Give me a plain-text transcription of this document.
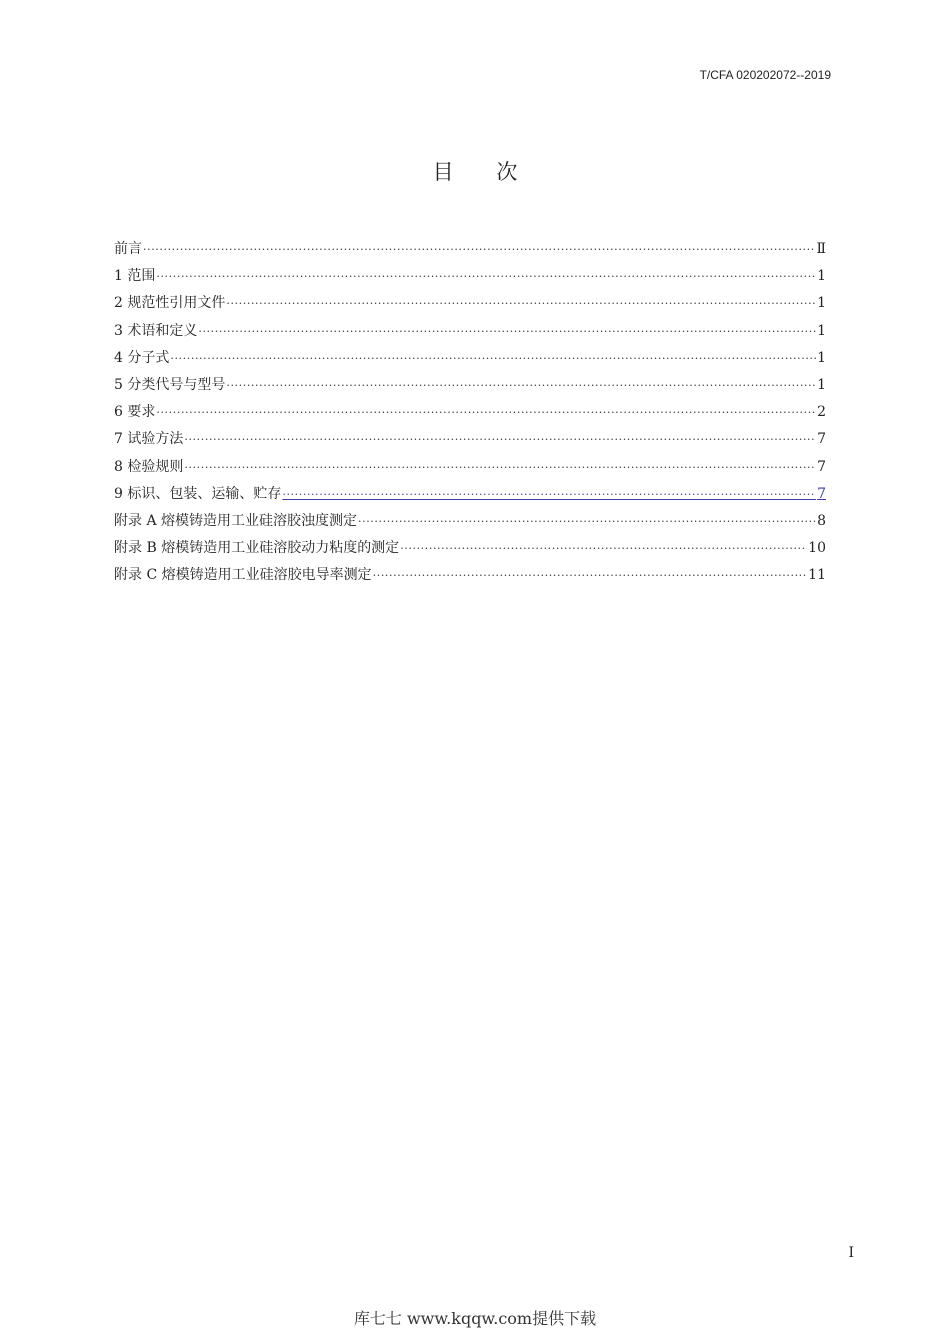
T/CFA 020202072--2019
目 次
前言 ·····	Ⅱ
1 范围 ·····	1
2 规范性引用文件 ·····	1
3 术语和定义 ·····	1
4 分子式 ·····	1
5 分类代号与型号 ·····	1
6 要求 ·····	2
7 试验方法 ·····	7
8 检验规则 ·····	7
9 标识、包装、运输、贮存 ·····	7
附录 A 熔模铸造用工业硅溶胶浊度测定 ·····	8
附录 B 熔模铸造用工业硅溶胶动力粘度的测定 ·····	10
附录 C 熔模铸造用工业硅溶胶电导率测定 ·····	11
I
库七七 www.kqqw.com提供下载
